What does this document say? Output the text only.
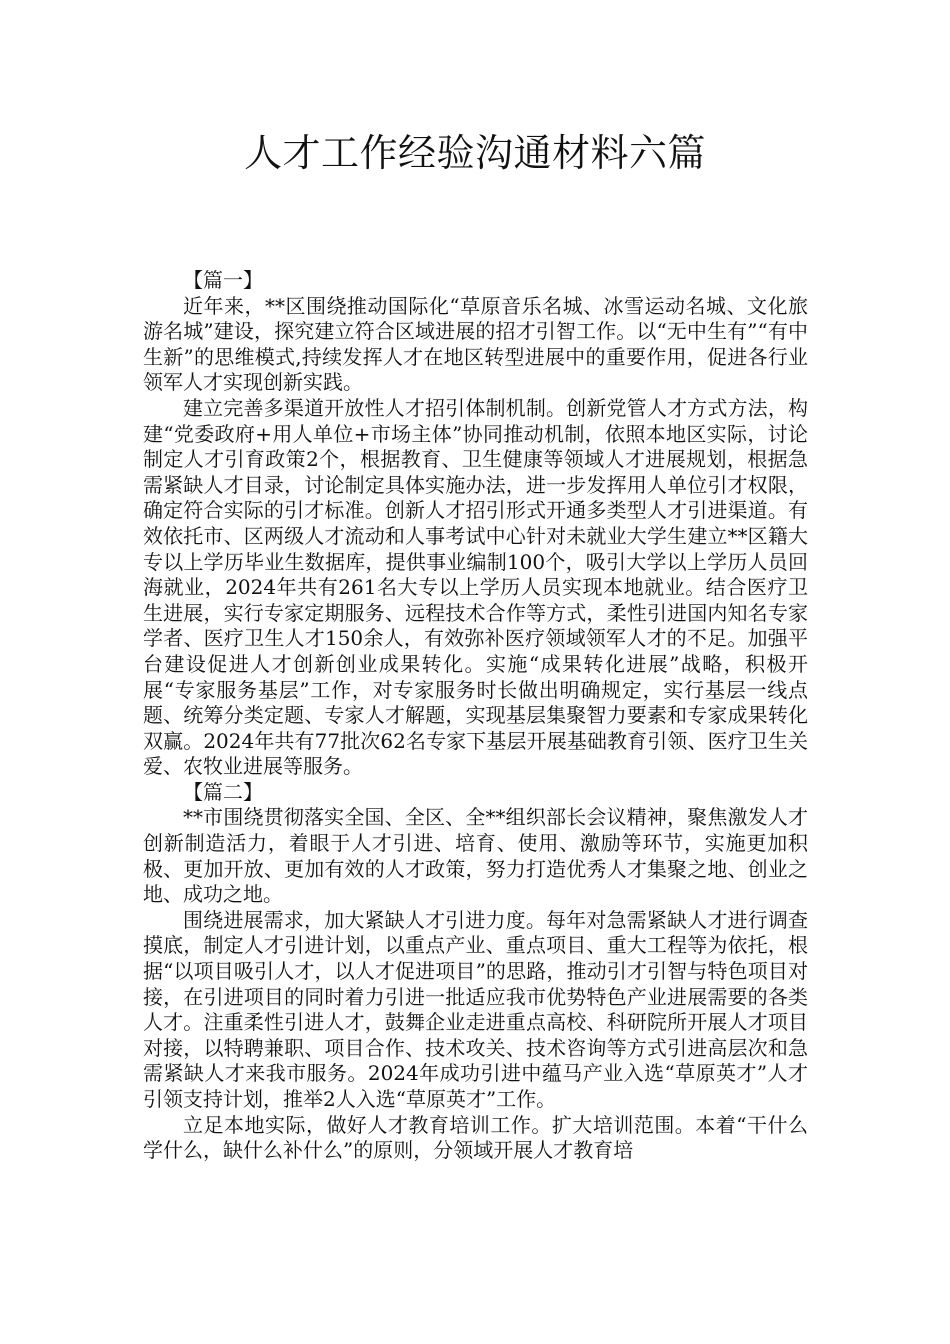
人才工作经验沟通材料六篇

【篇一】

近年来，**区围绕推动国际化“草原音乐名城、冰雪运动名城、文化旅游名城”建设，探究建立符合区域进展的招才引智工作。以“无中生有”“有中生新”的思维模式,持续发挥人才在地区转型进展中的重要作用，促进各行业领军人才实现创新实践。

建立完善多渠道开放性人才招引体制机制。创新党管人才方式方法，构建“党委政府+用人单位+市场主体”协同推动机制，依照本地区实际，讨论制定人才引育政策2个，根据教育、卫生健康等领域人才进展规划，根据急需紧缺人才目录，讨论制定具体实施办法，进一步发挥用人单位引才权限，确定符合实际的引才标准。创新人才招引形式开通多类型人才引进渠道。有效依托市、区两级人才流动和人事考试中心针对未就业大学生建立**区籍大专以上学历毕业生数据库，提供事业编制100个，吸引大学以上学历人员回海就业，2024年共有261名大专以上学历人员实现本地就业。结合医疗卫生进展，实行专家定期服务、远程技术合作等方式，柔性引进国内知名专家学者、医疗卫生人才150余人，有效弥补医疗领域领军人才的不足。加强平台建设促进人才创新创业成果转化。实施“成果转化进展”战略，积极开展“专家服务基层”工作，对专家服务时长做出明确规定，实行基层一线点题、统筹分类定题、专家人才解题，实现基层集聚智力要素和专家成果转化双赢。2024年共有77批次62名专家下基层开展基础教育引领、医疗卫生关爱、农牧业进展等服务。

【篇二】

**市围绕贯彻落实全国、全区、全**组织部长会议精神，聚焦激发人才创新制造活力，着眼于人才引进、培育、使用、激励等环节，实施更加积极、更加开放、更加有效的人才政策，努力打造优秀人才集聚之地、创业之地、成功之地。

围绕进展需求，加大紧缺人才引进力度。每年对急需紧缺人才进行调查摸底，制定人才引进计划，以重点产业、重点项目、重大工程等为依托，根据“以项目吸引人才，以人才促进项目”的思路，推动引才引智与特色项目对接，在引进项目的同时着力引进一批适应我市优势特色产业进展需要的各类人才。注重柔性引进人才，鼓舞企业走进重点高校、科研院所开展人才项目对接，以特聘兼职、项目合作、技术攻关、技术咨询等方式引进高层次和急需紧缺人才来我市服务。2024年成功引进中蕴马产业入选“草原英才”人才引领支持计划，推举2人入选“草原英才”工作。

立足本地实际，做好人才教育培训工作。扩大培训范围。本着“干什么学什么，缺什么补什么”的原则，分领域开展人才教育培
